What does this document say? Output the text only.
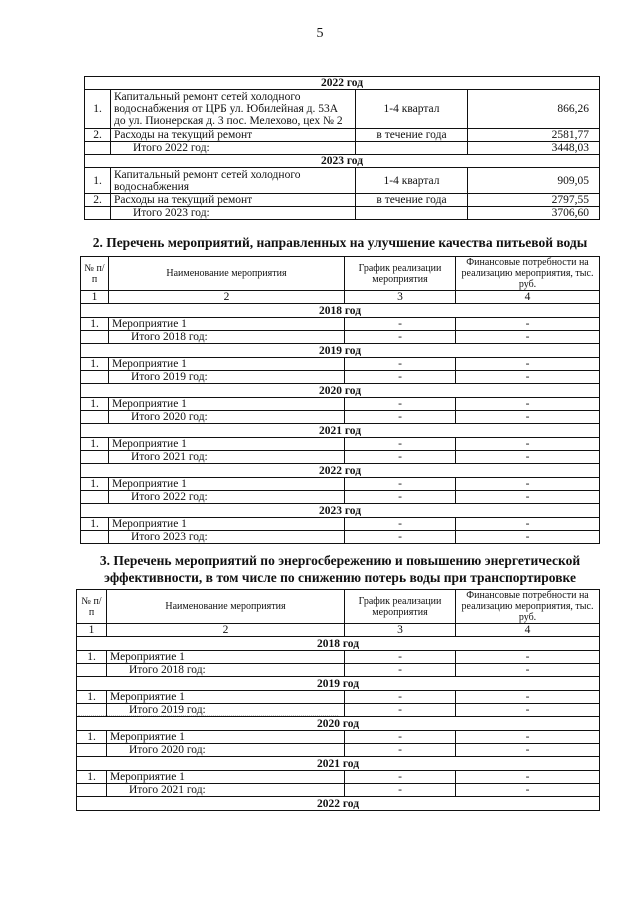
5
2022 год			
1.	Капитальный ремонт сетей холодного водоснабжения от ЦРБ ул. Юбилейная д. 53А до ул. Пионерская д. 3 пос. Мелехово, цех № 2	1-4 квартал	866,26
2.	Расходы на текущий ремонт	в течение года	2581,77
	Итого 2022 год:		3448,03
2023 год			
1.	Капитальный ремонт сетей холодного водоснабжения	1-4 квартал	909,05
2.	Расходы на текущий ремонт	в течение года	2797,55
	Итого 2023 год:		3706,60
2. Перечень мероприятий, направленных на улучшение качества питьевой воды
№ п/п	Наименование мероприятия	График реализации мероприятия	Финансовые потребности на реализацию мероприятия, тыс. руб.
1	2	3	4
2018 год			
1.	Мероприятие 1	-	-
	Итого 2018 год:	-	-
2019 год			
1.	Мероприятие 1	-	-
	Итого 2019 год:	-	-
2020 год			
1.	Мероприятие 1	-	-
	Итого 2020 год:	-	-
2021 год			
1.	Мероприятие 1	-	-
	Итого 2021 год:	-	-
2022 год			
1.	Мероприятие 1	-	-
	Итого 2022 год:	-	-
2023 год			
1.	Мероприятие 1	-	-
	Итого 2023 год:	-	-
3. Перечень мероприятий по энергосбережению и повышению энергетической
эффективности, в том числе по снижению потерь воды при транспортировке
№ п/п	Наименование мероприятия	График реализации мероприятия	Финансовые потребности на реализацию мероприятия, тыс. руб.
1	2	3	4
2018 год			
1.	Мероприятие 1	-	-
	Итого 2018 год:	-	-
2019 год			
1.	Мероприятие 1	-	-
	Итого 2019 год:	-	-
2020 год			
1.	Мероприятие 1	-	-
	Итого 2020 год:	-	-
2021 год			
1.	Мероприятие 1	-	-
	Итого 2021 год:	-	-
2022 год			
